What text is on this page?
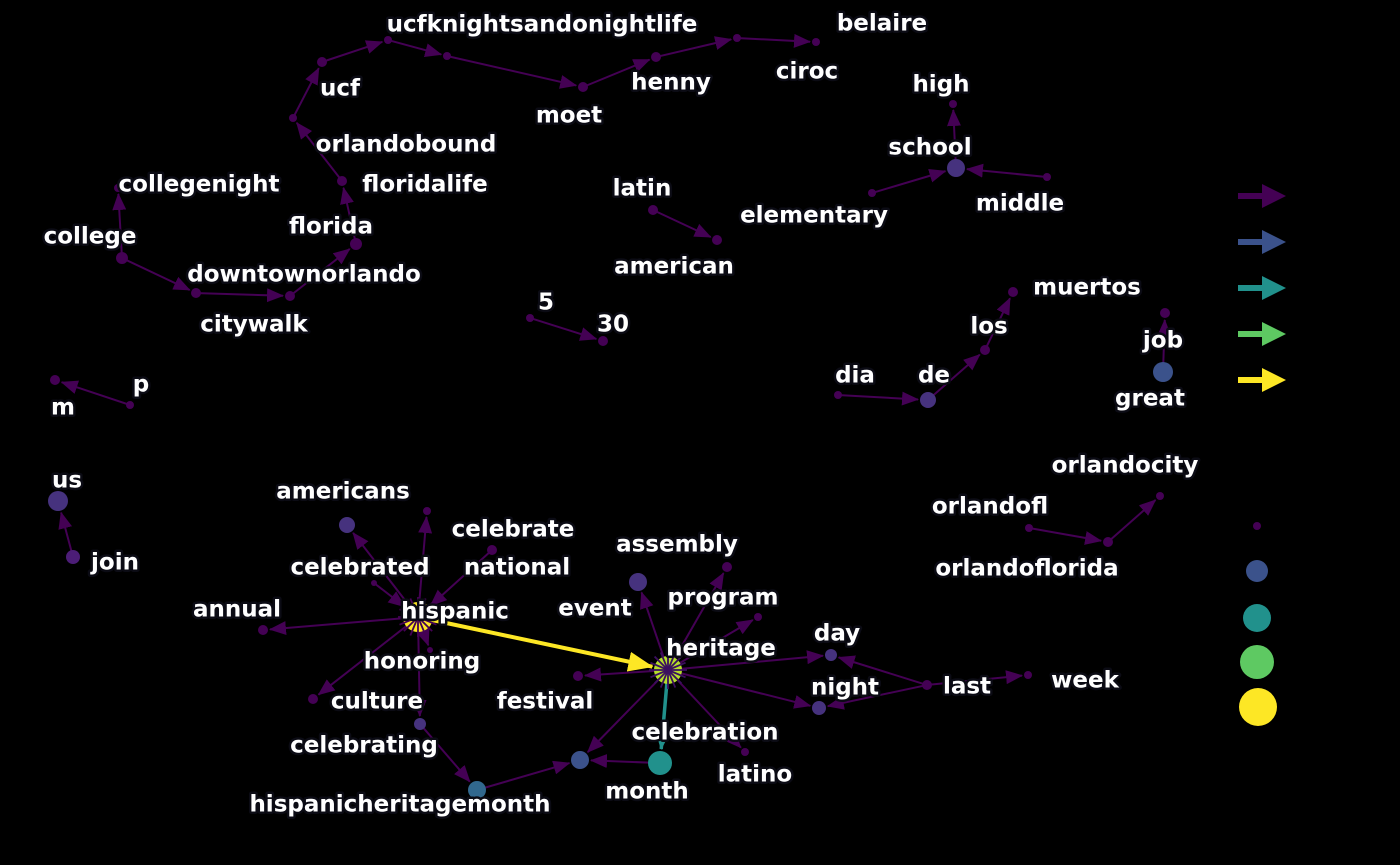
college
collegenight
citywalk
downtownorlando
florida
floridalife
orlandobound
ucf
ucfknightsandonightlife
moet
henny	ciroc
belaire
latin
american
elementary
school
high
middle
5
30
dia de
los
muertos
job
great
m
p
us
join
orlandofl
orlandoflorida
orlandocity
americans
celebrate
celebrated national
annual	hispanic
honoring
culture
celebrating
hispanicheritagemonth
event
assembly
program
heritage
festival
month
celebration
latino
day
night	last	week
